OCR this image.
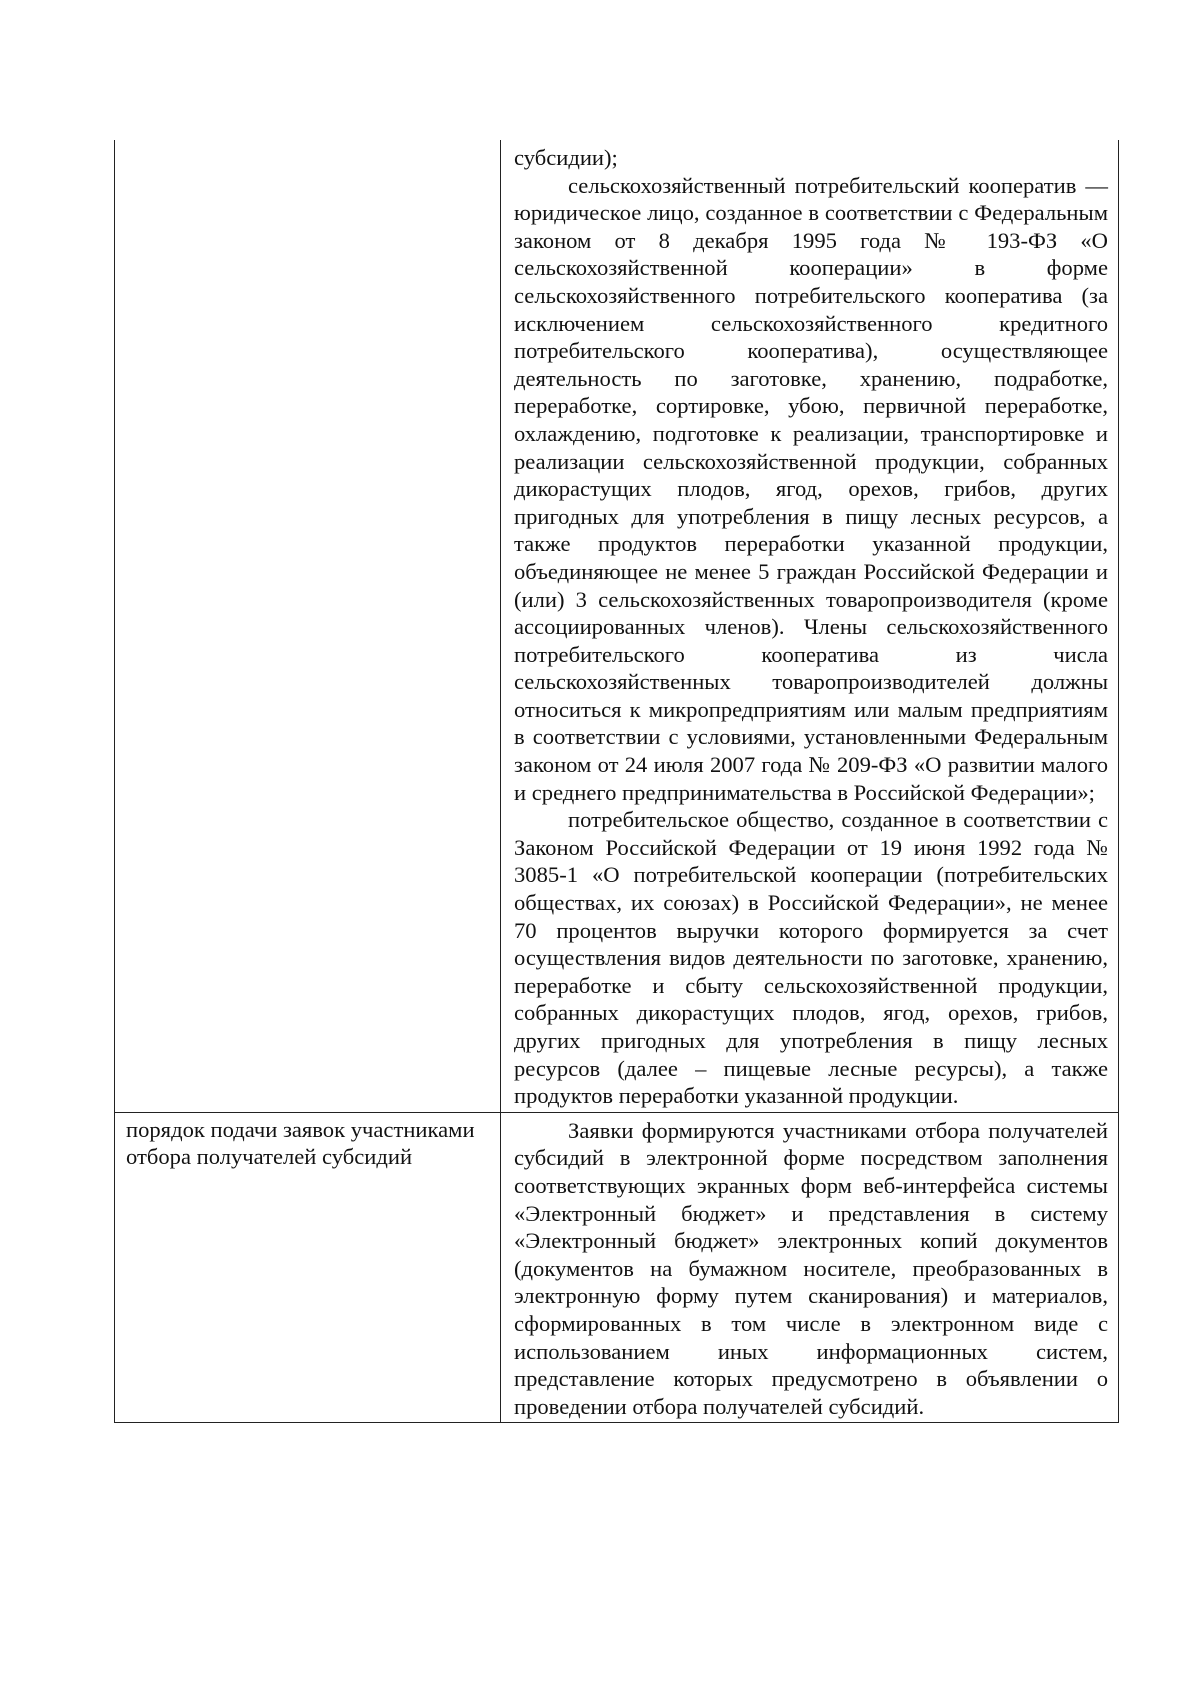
	субсидии);

сельскохозяйственный потребительский кооператив — юридическое лицо, созданное в соответствии с Федеральным законом от 8 декабря 1995 года № 193-ФЗ «О сельскохозяйственной кооперации» в форме сельскохозяйственного потребительского кооператива (за исключением сельскохозяйственного кредитного потребительского кооператива), осуществляющее деятельность по заготовке, хранению, подработке, переработке, сортировке, убою, первичной переработке, охлаждению, подготовке к реализации, транспортировке и реализации сельскохозяйственной продукции, собранных дикорастущих плодов, ягод, орехов, грибов, других пригодных для употребления в пищу лесных ресурсов, а также продуктов переработки указанной продукции, объединяющее не менее 5 граждан Российской Федерации и (или) 3 сельскохозяйственных товаропроизводителя (кроме ассоциированных членов). Члены сельскохозяйственного потребительского кооператива из числа сельскохозяйственных товаропроизводителей должны относиться к микропредприятиям или малым предприятиям в соответствии с условиями, установленными Федеральным законом от 24 июля 2007 года № 209-ФЗ «О развитии малого и среднего предпринимательства в Российской Федерации»;

потребительское общество, созданное в соответствии с Законом Российской Федерации от 19 июня 1992 года № 3085-1 «О потребительской кооперации (потребительских обществах, их союзах) в Российской Федерации», не менее 70 процентов выручки которого формируется за счет осуществления видов деятельности по заготовке, хранению, переработке и сбыту сельскохозяйственной продукции, собранных дикорастущих плодов, ягод, орехов, грибов, других пригодных для употребления в пищу лесных ресурсов (далее – пищевые лесные ресурсы), а также продуктов переработки указанной продукции.

порядок подачи заявок участниками отбора получателей субсидий	Заявки формируются участниками отбора получателей субсидий в электронной форме посредством заполнения соответствующих экранных форм веб-интерфейса системы «Электронный бюджет» и представления в систему «Электронный бюджет» электронных копий документов (документов на бумажном носителе, преобразованных в электронную форму путем сканирования) и материалов, сформированных в том числе в электронном виде с использованием иных информационных систем, представление которых предусмотрено в объявлении о проведении отбора получателей субсидий.
